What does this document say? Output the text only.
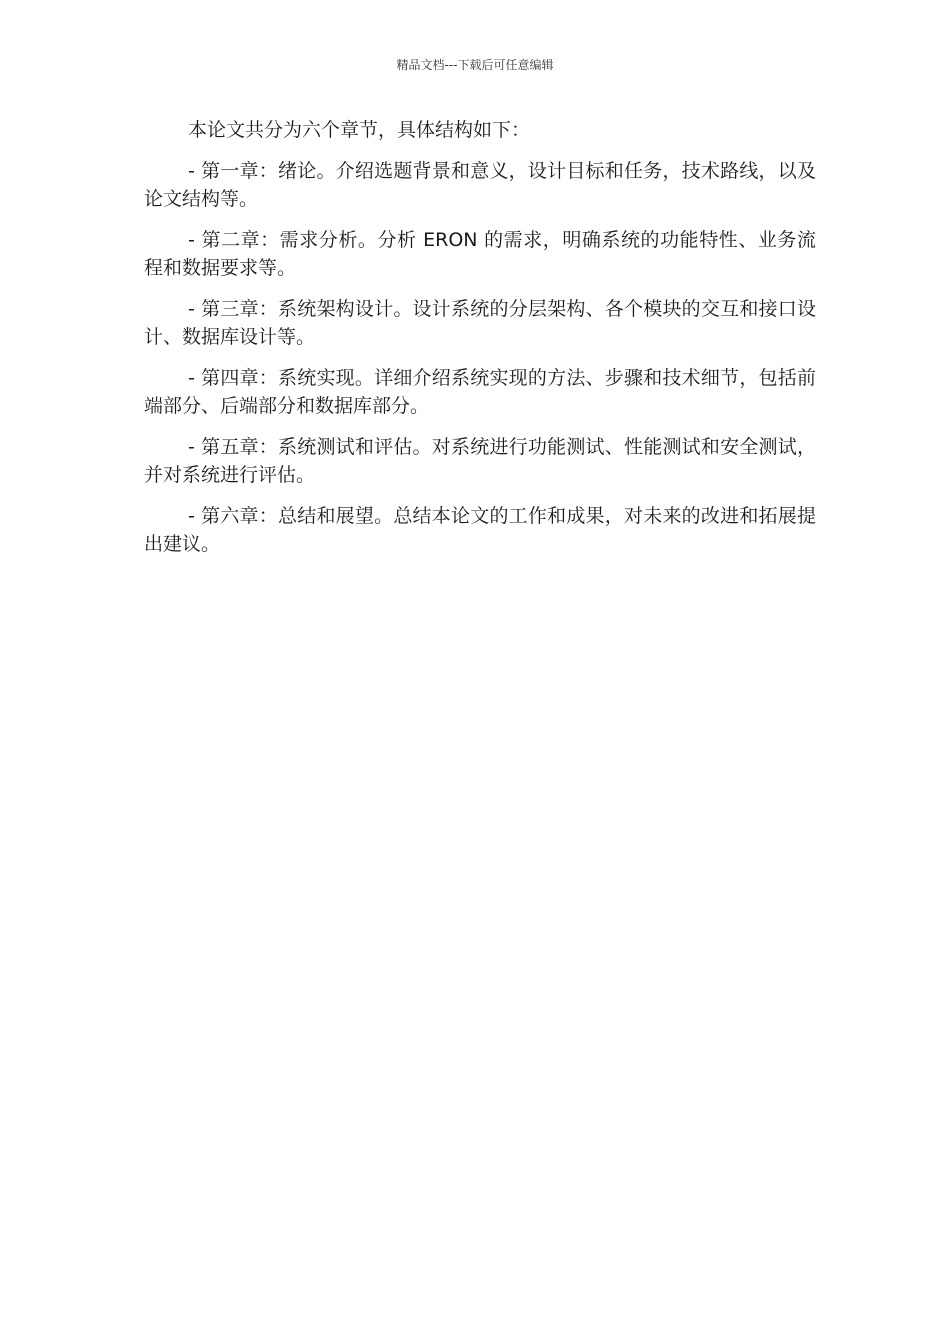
精品文档---下载后可任意编辑

本论文共分为六个章节，具体结构如下：

- 第一章：绪论。介绍选题背景和意义，设计目标和任务，技术路线，以及论文结构等。

- 第二章：需求分析。分析 ERON 的需求，明确系统的功能特性、业务流程和数据要求等。

- 第三章：系统架构设计。设计系统的分层架构、各个模块的交互和接口设计、数据库设计等。

- 第四章：系统实现。详细介绍系统实现的方法、步骤和技术细节，包括前端部分、后端部分和数据库部分。

- 第五章：系统测试和评估。对系统进行功能测试、性能测试和安全测试，并对系统进行评估。

- 第六章：总结和展望。总结本论文的工作和成果，对未来的改进和拓展提出建议。
